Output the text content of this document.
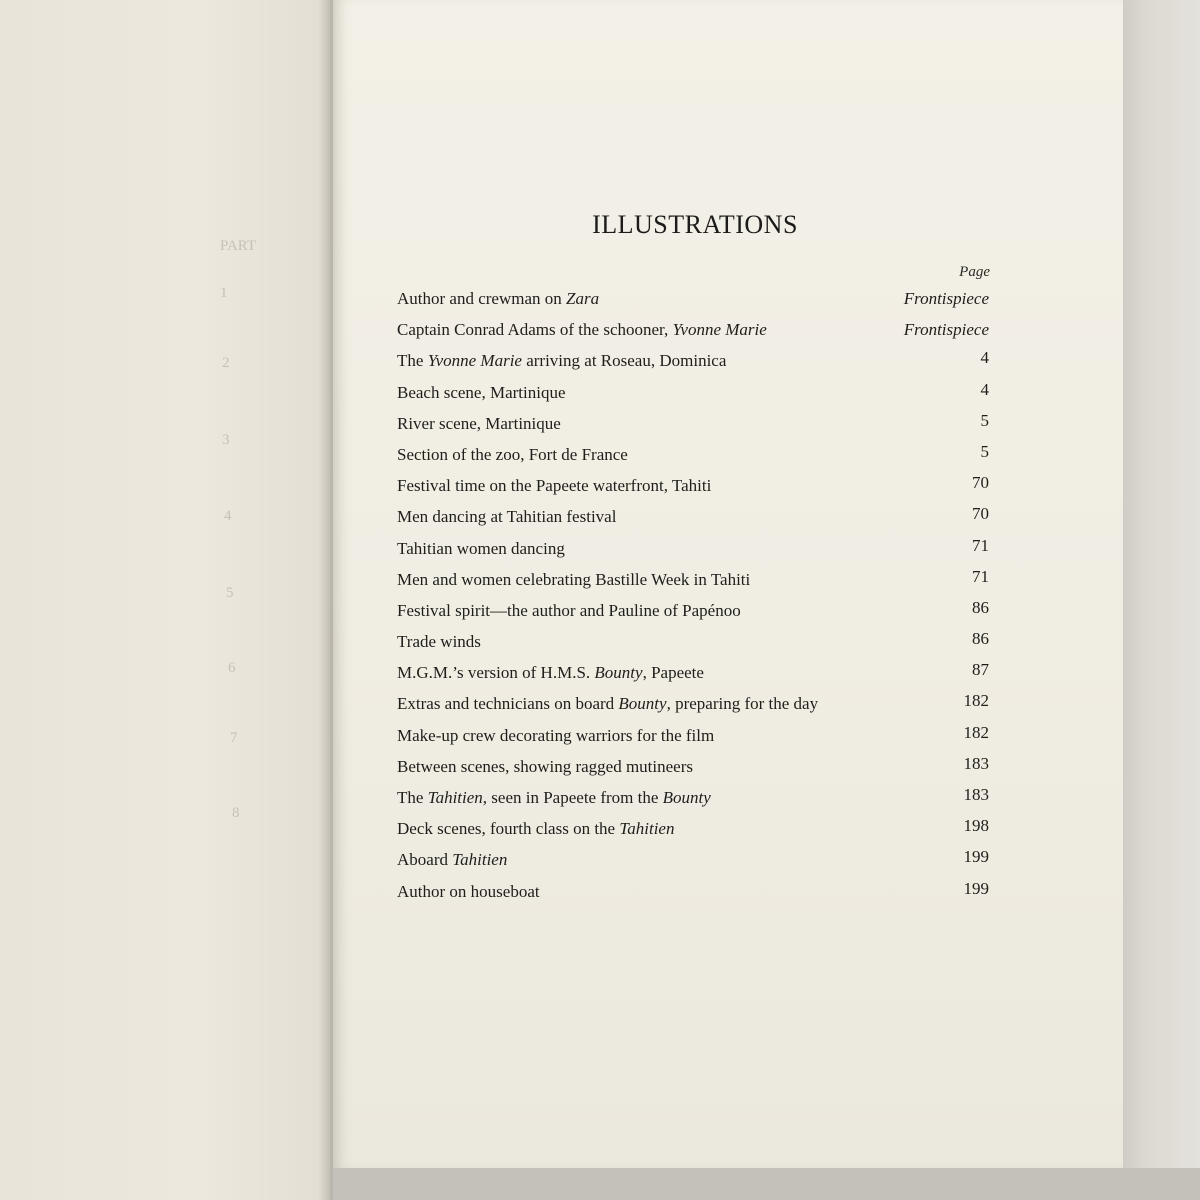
PART
1
2
3
4
5
6
7
8
ILLUSTRATIONS
Page
Author and crewman on Zara	Frontispiece
Captain Conrad Adams of the schooner, Yvonne Marie	Frontispiece
The Yvonne Marie arriving at Roseau, Dominica	4
Beach scene, Martinique	4
River scene, Martinique	5
Section of the zoo, Fort de France	5
Festival time on the Papeete waterfront, Tahiti	70
Men dancing at Tahitian festival	70
Tahitian women dancing	71
Men and women celebrating Bastille Week in Tahiti	71
Festival spirit—the author and Pauline of Papénoo	86
Trade winds	86
M.G.M.’s version of H.M.S. Bounty, Papeete	87
Extras and technicians on board Bounty, preparing for the day	182
Make-up crew decorating warriors for the film	182
Between scenes, showing ragged mutineers	183
The Tahitien, seen in Papeete from the Bounty	183
Deck scenes, fourth class on the Tahitien	198
Aboard Tahitien	199
Author on houseboat	199
